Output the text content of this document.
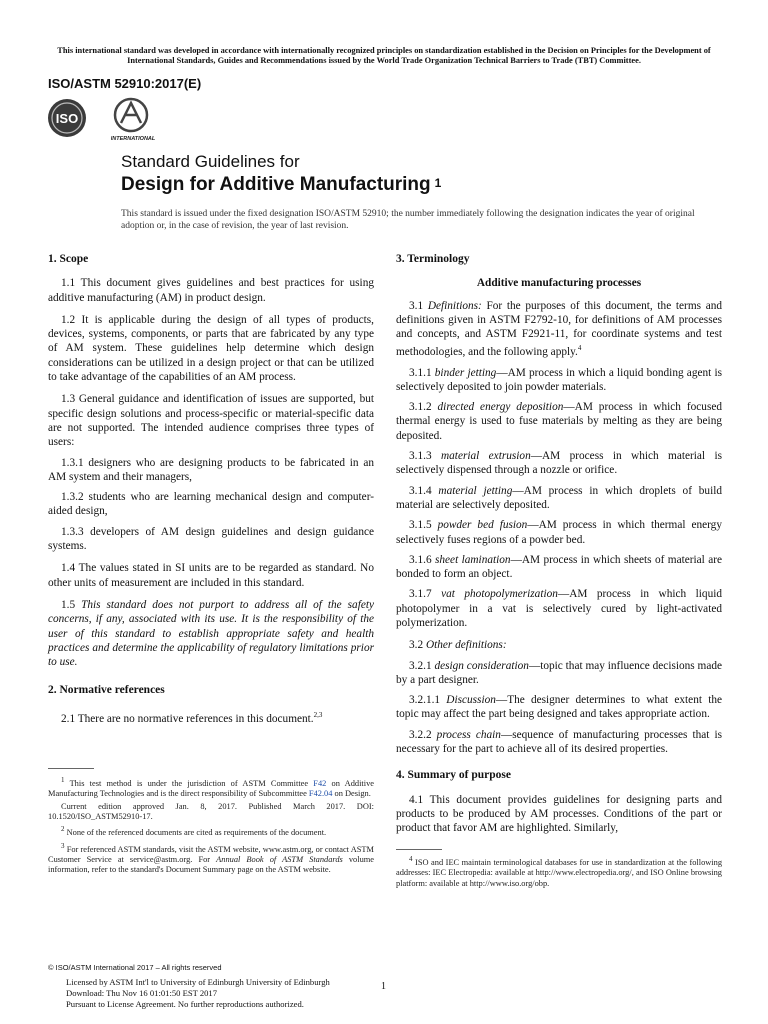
This international standard was developed in accordance with internationally recognized principles on standardization established in the Decision on Principles for the Development of International Standards, Guides and Recommendations issued by the World Trade Organization Technical Barriers to Trade (TBT) Committee.
ISO/ASTM 52910:2017(E)
ISO
INTERNATIONAL
Standard Guidelines for
Design for Additive Manufacturing $^1$
This standard is issued under the fixed designation ISO/ASTM 52910; the number immediately following the designation indicates the year of original adoption or, in the case of revision, the year of last revision.

1. Scope

1.1 This document gives guidelines and best practices for using additive manufacturing (AM) in product design.

1.2 It is applicable during the design of all types of products, devices, systems, components, or parts that are fabricated by any type of AM system. These guidelines help determine which design considerations can be utilized in a design project or that can be utilized to take advantage of the capabilities of an AM process.

1.3 General guidance and identification of issues are supported, but specific design solutions and process-specific or material-specific data are not supported. The intended audience comprises three types of users:

1.3.1 designers who are designing products to be fabricated in an AM system and their managers,

1.3.2 students who are learning mechanical design and computer-aided design,

1.3.3 developers of AM design guidelines and design guidance systems.

1.4 The values stated in SI units are to be regarded as standard. No other units of measurement are included in this standard.

1.5 This standard does not purport to address all of the safety concerns, if any, associated with its use. It is the responsibility of the user of this standard to establish appropriate safety and health practices and determine the applicability of regulatory limitations prior to use.

2. Normative references

2.1 There are no normative references in this document.$^{2,3}$

$^1$ This test method is under the jurisdiction of ASTM Committee F42 on Additive Manufacturing Technologies and is the direct responsibility of Subcommittee F42.04 on Design.

Current edition approved Jan. 8, 2017. Published March 2017. DOI: 10.1520/ISO_ASTM52910-17.

$^2$ None of the referenced documents are cited as requirements of the document.

$^3$ For referenced ASTM standards, visit the ASTM website, www.astm.org, or contact ASTM Customer Service at service@astm.org. For Annual Book of ASTM Standards volume information, refer to the standard's Document Summary page on the ASTM website.

3. Terminology

Additive manufacturing processes

3.1 Definitions: For the purposes of this document, the terms and definitions given in ASTM F2792-10, for definitions of AM processes and concepts, and ASTM F2921-11, for coordinate systems and test methodologies, and the following apply.$^4$

3.1.1 binder jetting—AM process in which a liquid bonding agent is selectively deposited to join powder materials.

3.1.2 directed energy deposition—AM process in which focused thermal energy is used to fuse materials by melting as they are being deposited.

3.1.3 material extrusion—AM process in which material is selectively dispensed through a nozzle or orifice.

3.1.4 material jetting—AM process in which droplets of build material are selectively deposited.

3.1.5 powder bed fusion—AM process in which thermal energy selectively fuses regions of a powder bed.

3.1.6 sheet lamination—AM process in which sheets of material are bonded to form an object.

3.1.7 vat photopolymerization—AM process in which liquid photopolymer in a vat is selectively cured by light-activated polymerization.

3.2 Other definitions:

3.2.1 design consideration—topic that may influence decisions made by a part designer.

3.2.1.1 Discussion—The designer determines to what extent the topic may affect the part being designed and takes appropriate action.

3.2.2 process chain—sequence of manufacturing processes that is necessary for the part to achieve all of its desired properties.

4. Summary of purpose

4.1 This document provides guidelines for designing parts and products to be produced by AM processes. Conditions of the part or product that favor AM are highlighted. Similarly,

$^4$ ISO and IEC maintain terminological databases for use in standardization at the following addresses: IEC Electropedia: available at http://www.electropedia.org/, and ISO Online browsing platform: available at http://www.iso.org/obp.

© ISO/ASTM International 2017 – All rights reserved
Licensed by ASTM Int'l to University of Edinburgh University of Edinburgh
Download: Thu Nov 16 01:01:50 EST 2017
Pursuant to License Agreement. No further reproductions authorized.
1
